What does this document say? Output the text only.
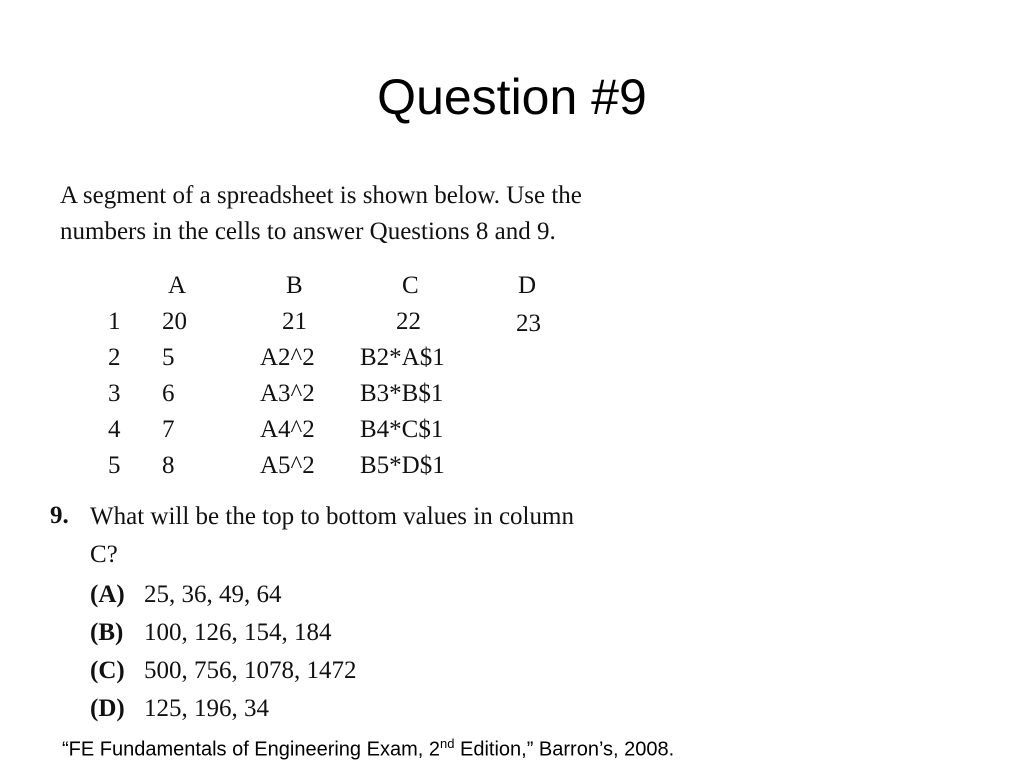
Question #9
A segment of a spreadsheet is shown below. Use the
numbers in the cells to answer Questions 8 and 9.
A	B	C	D
1 20	21	22	23
2 5	A2^2 B2*A$1
3 6	A3^2 B3*B$1
4 7	A4^2 B4*C$1
5 8	A5^2 B5*D$1
9. What will be the top to bottom values in column
C?
(A) 25, 36, 49, 64
(B) 100, 126, 154, 184
(C) 500, 756, 1078, 1472
(D) 125, 196, 34
“FE Fundamentals of Engineering Exam, 2nd Edition,” Barron’s, 2008.
